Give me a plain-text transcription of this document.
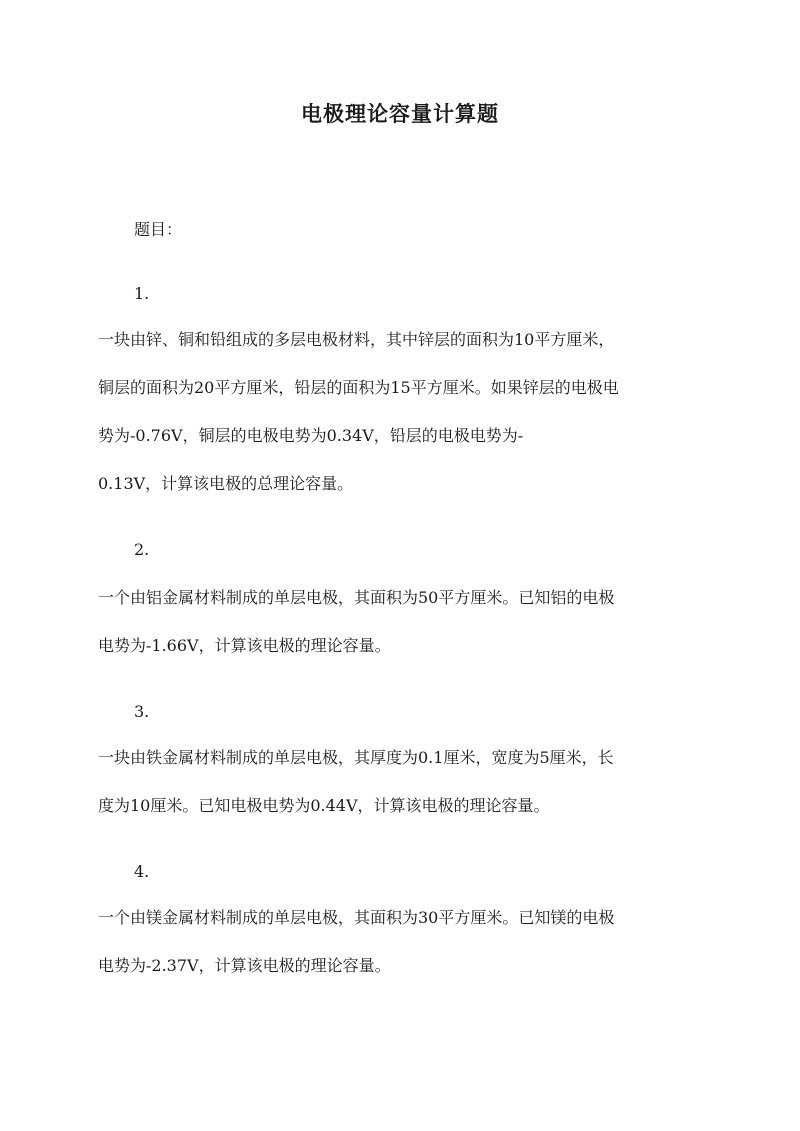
电极理论容量计算题

题目：

1.

一块由锌、铜和铅组成的多层电极材料，其中锌层的面积为10平方厘米，
铜层的面积为20平方厘米，铅层的面积为15平方厘米。如果锌层的电极电
势为-0.76V，铜层的电极电势为0.34V，铅层的电极电势为-
0.13V，计算该电极的总理论容量。

2.

一个由铝金属材料制成的单层电极，其面积为50平方厘米。已知铝的电极
电势为-1.66V，计算该电极的理论容量。

3.

一块由铁金属材料制成的单层电极，其厚度为0.1厘米，宽度为5厘米，长
度为10厘米。已知电极电势为0.44V，计算该电极的理论容量。

4.

一个由镁金属材料制成的单层电极，其面积为30平方厘米。已知镁的电极
电势为-2.37V，计算该电极的理论容量。
